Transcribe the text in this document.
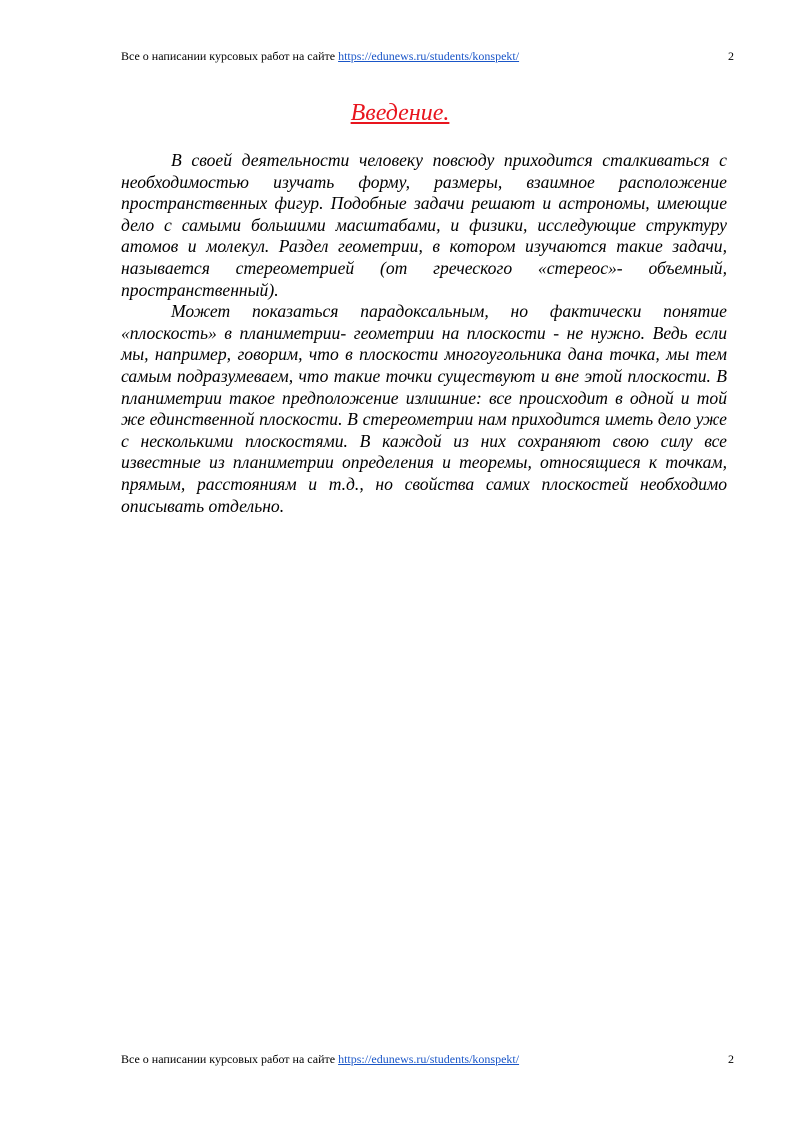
Все о написании курсовых работ на сайте https://edunews.ru/students/konspekt/	2
Введение.

В своей деятельности человеку повсюду приходится сталкиваться с необходимостью изучать форму, размеры, взаимное расположение пространственных фигур. Подобные задачи решают и астрономы, имеющие дело с самыми большими масштабами, и физики, исследующие структуру атомов и молекул. Раздел геометрии, в котором изучаются такие задачи, называется стереометрией (от греческого «стереос»- объемный, пространственный).

Может показаться парадоксальным, но фактически понятие «плоскость» в планиметрии- геометрии на плоскости - не нужно. Ведь если мы, например, говорим, что в плоскости многоугольника дана точка, мы тем самым подразумеваем, что такие точки существуют и вне этой плоскости. В планиметрии такое предположение излишние: все происходит в одной и той же единственной плоскости. В стереометрии нам приходится иметь дело уже с несколькими плоскостями. В каждой из них сохраняют свою силу все известные из планиметрии определения и теоремы, относящиеся к точкам, прямым, расстояниям и т.д., но свойства самих плоскостей необходимо описывать отдельно.

Все о написании курсовых работ на сайте https://edunews.ru/students/konspekt/	2
